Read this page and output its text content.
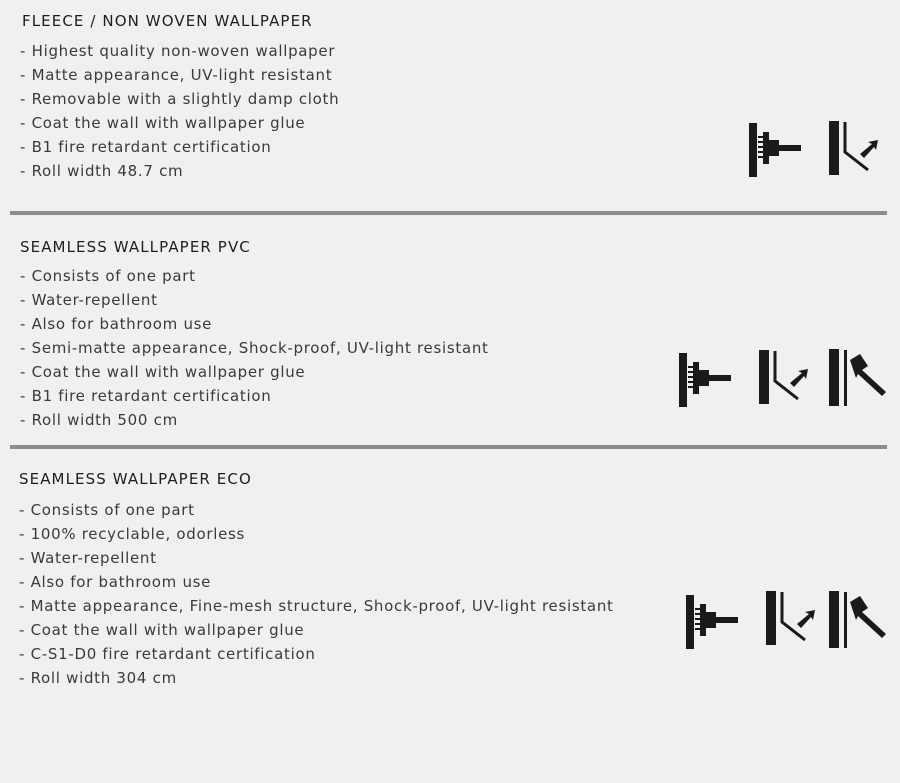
FLEECE / NON WOVEN WALLPAPER
- Highest quality non-woven wallpaper
- Matte appearance, UV-light resistant
- Removable with a slightly damp cloth
- Coat the wall with wallpaper glue
- B1 fire retardant certification
- Roll width 48.7 cm
SEAMLESS WALLPAPER PVC
- Consists of one part
- Water-repellent
- Also for bathroom use
- Semi-matte appearance, Shock-proof, UV-light resistant
- Coat the wall with wallpaper glue
- B1 fire retardant certification
- Roll width 500 cm
SEAMLESS WALLPAPER ECO
- Consists of one part
- 100% recyclable, odorless
- Water-repellent
- Also for bathroom use
- Matte appearance, Fine-mesh structure, Shock-proof, UV-light resistant
- Coat the wall with wallpaper glue
- C-S1-D0 fire retardant certification
- Roll width 304 cm
